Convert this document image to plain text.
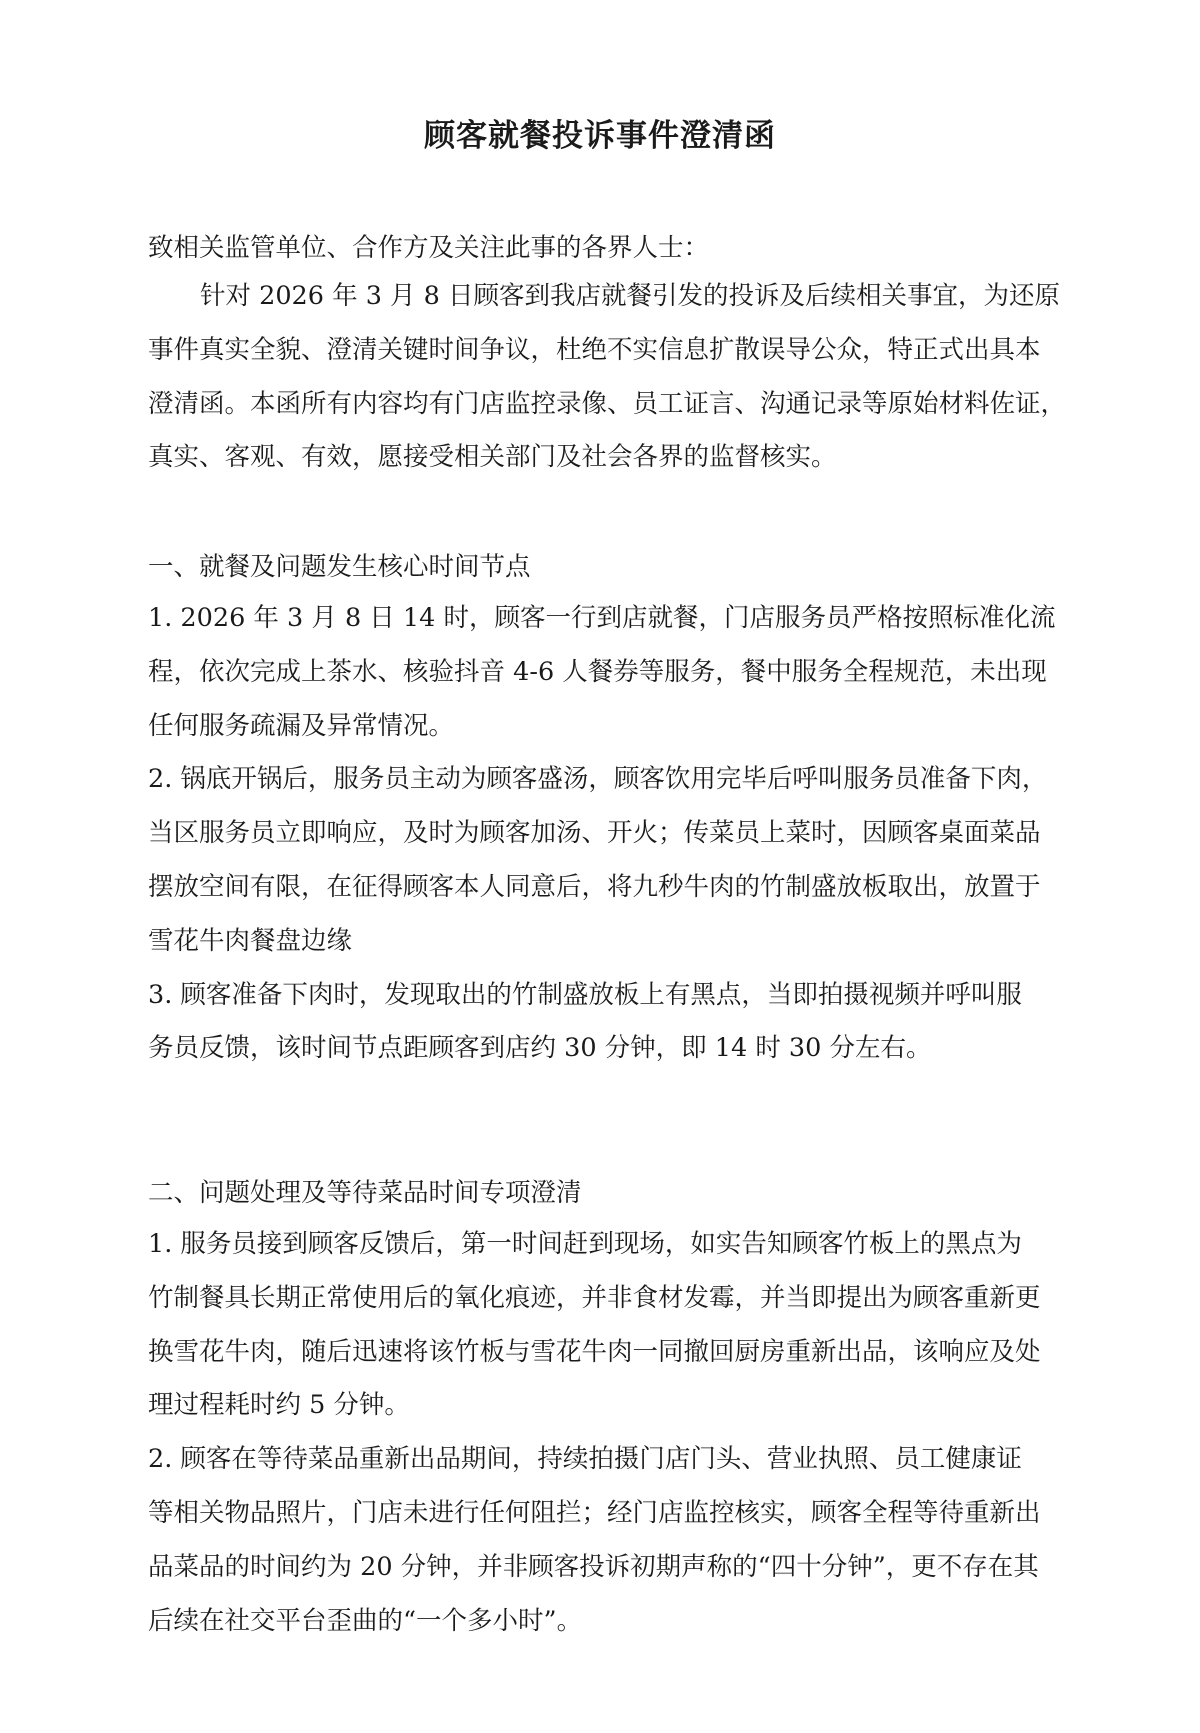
顾客就餐投诉事件澄清函
致相关监管单位、合作方及关注此事的各界人士：
针对 2026 年 3 月 8 日顾客到我店就餐引发的投诉及后续相关事宜，为还原
事件真实全貌、澄清关键时间争议，杜绝不实信息扩散误导公众，特正式出具本
澄清函。本函所有内容均有门店监控录像、员工证言、沟通记录等原始材料佐证，
真实、客观、有效，愿接受相关部门及社会各界的监督核实。
一、就餐及问题发生核心时间节点
1. 2026 年 3 月 8 日 14 时，顾客一行到店就餐，门店服务员严格按照标准化流
程，依次完成上茶水、核验抖音 4-6 人餐券等服务，餐中服务全程规范，未出现
任何服务疏漏及异常情况。
2. 锅底开锅后，服务员主动为顾客盛汤，顾客饮用完毕后呼叫服务员准备下肉，
当区服务员立即响应，及时为顾客加汤、开火；传菜员上菜时，因顾客桌面菜品
摆放空间有限，在征得顾客本人同意后，将九秒牛肉的竹制盛放板取出，放置于
雪花牛肉餐盘边缘
3. 顾客准备下肉时，发现取出的竹制盛放板上有黑点，当即拍摄视频并呼叫服
务员反馈，该时间节点距顾客到店约 30 分钟，即 14 时 30 分左右。
二、问题处理及等待菜品时间专项澄清
1. 服务员接到顾客反馈后，第一时间赶到现场，如实告知顾客竹板上的黑点为
竹制餐具长期正常使用后的氧化痕迹，并非食材发霉，并当即提出为顾客重新更
换雪花牛肉，随后迅速将该竹板与雪花牛肉一同撤回厨房重新出品，该响应及处
理过程耗时约 5 分钟。
2. 顾客在等待菜品重新出品期间，持续拍摄门店门头、营业执照、员工健康证
等相关物品照片，门店未进行任何阻拦；经门店监控核实，顾客全程等待重新出
品菜品的时间约为 20 分钟，并非顾客投诉初期声称的“四十分钟”，更不存在其
后续在社交平台歪曲的“一个多小时”。
